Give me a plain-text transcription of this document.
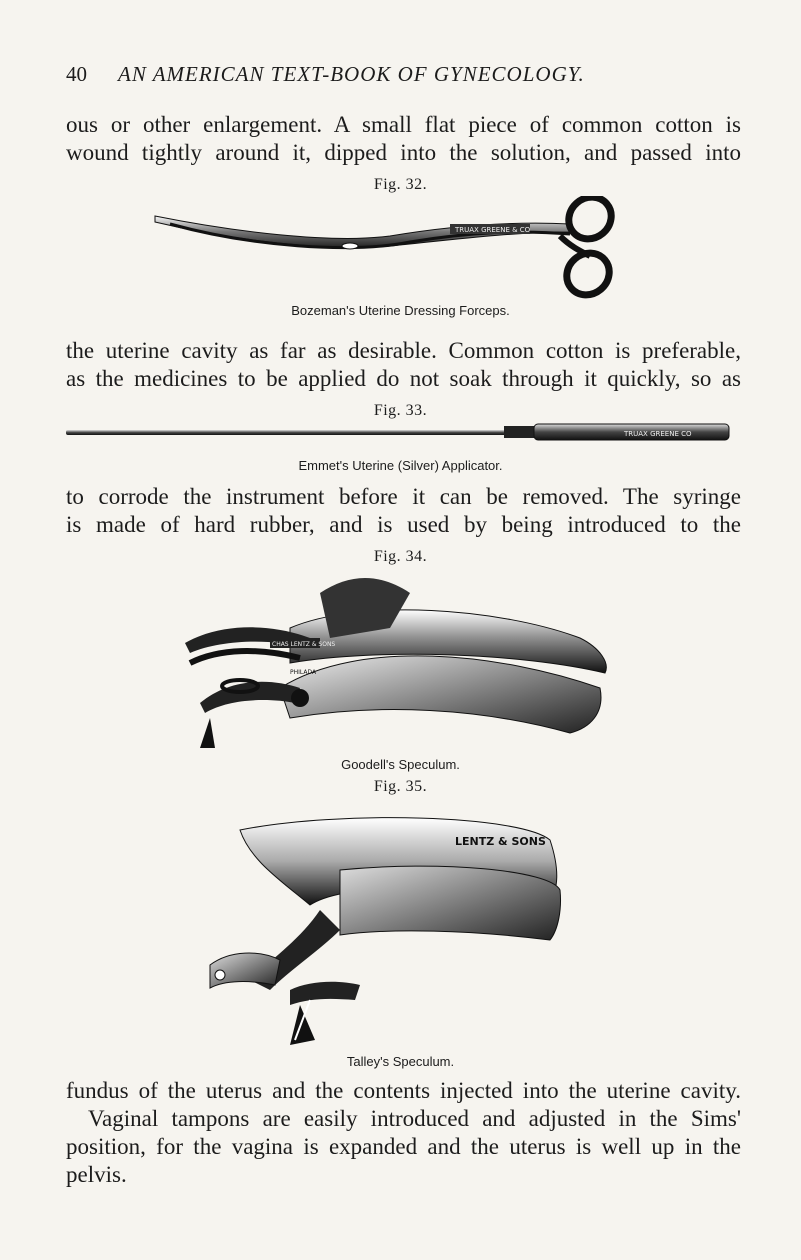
40 AN AMERICAN TEXT-BOOK OF GYNECOLOGY.
ous or other enlargement. A small flat piece of common cotton is
wound tightly around it, dipped into the solution, and passed into
Fig. 32.
TRUAX GREENE & CO
Bozeman's Uterine Dressing Forceps.
the uterine cavity as far as desirable. Common cotton is preferable,
as the medicines to be applied do not soak through it quickly, so as
Fig. 33.
TRUAX GREENE CO
Emmet's Uterine (Silver) Applicator.
to corrode the instrument before it can be removed. The syringe
is made of hard rubber, and is used by being introduced to the
Fig. 34.
CHAS LENTZ & SONS
PHILADA
Goodell's Speculum.
Fig. 35.
LENTZ & SONS
Talley's Speculum.
fundus of the uterus and the contents injected into the uterine cavity.
Vaginal tampons are easily introduced and adjusted in the Sims'
position, for the vagina is expanded and the uterus is well up in the
pelvis.
